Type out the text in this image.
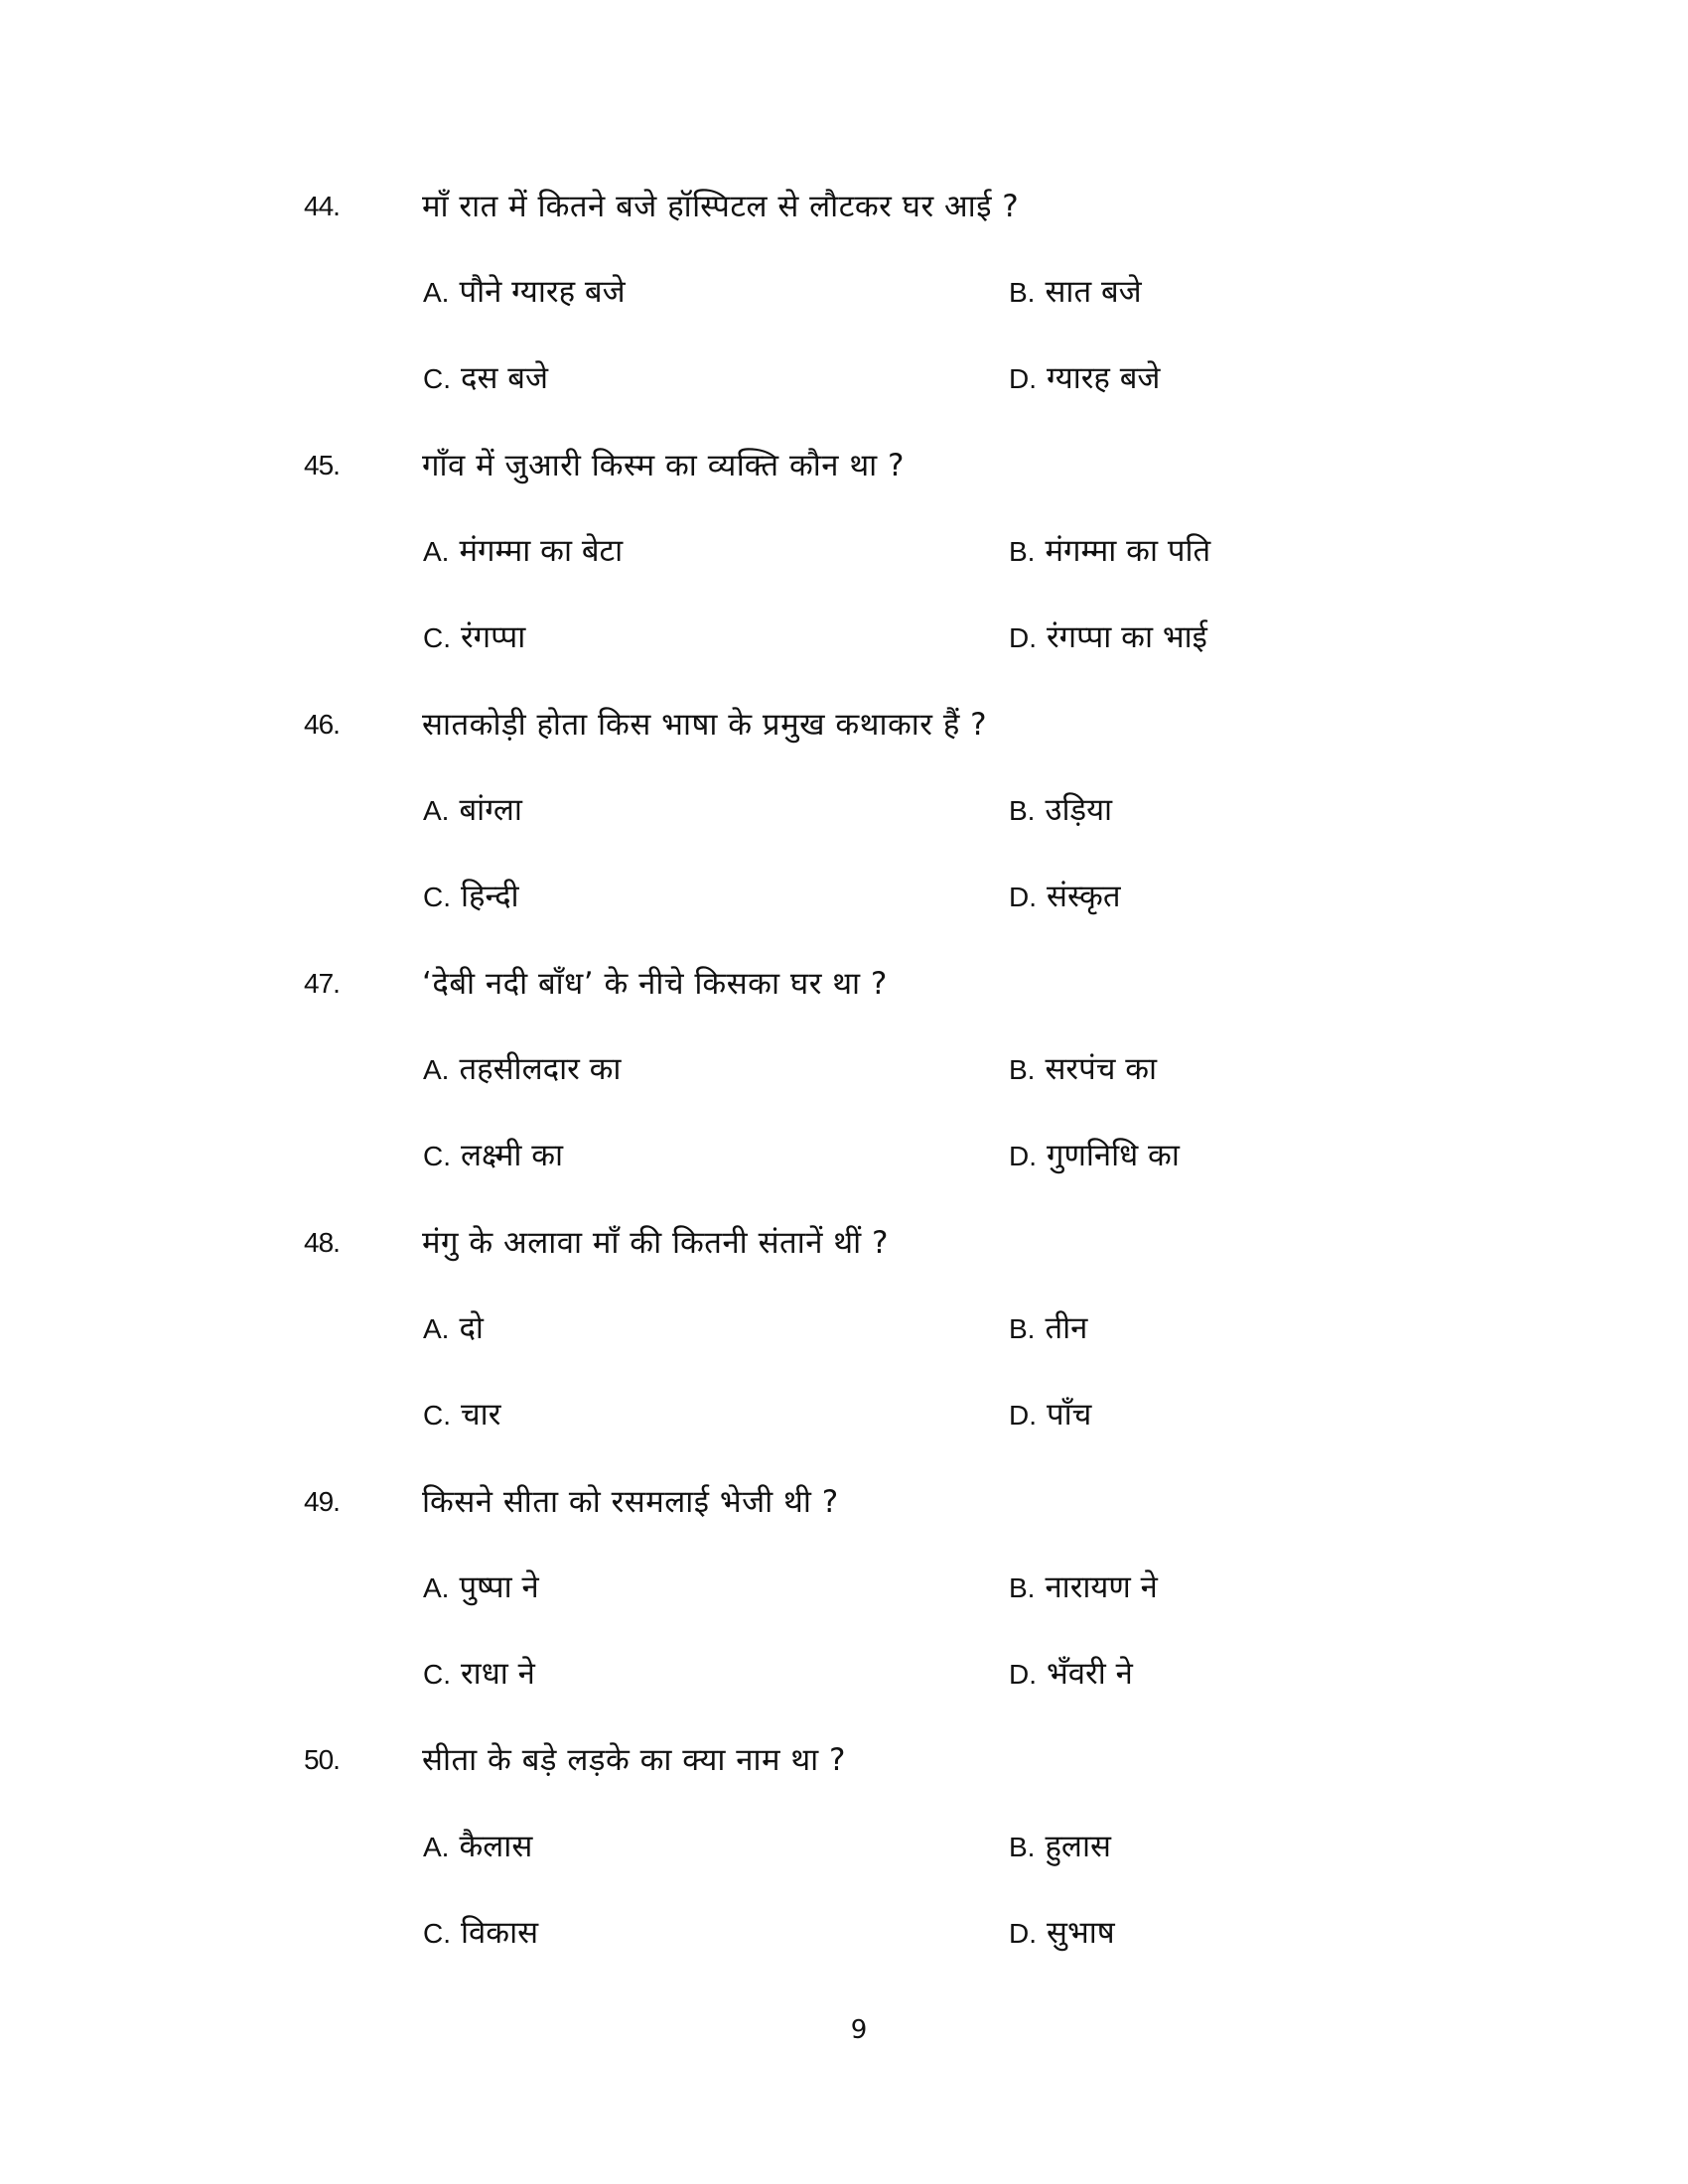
44.	माँ रात में कितने बजे हॉस्पिटल से लौटकर घर आई ?
A. पौने ग्यारह बजे	B. सात बजे
C. दस बजे	D. ग्यारह बजे
45.	गाँव में जुआरी किस्म का व्यक्ति कौन था ?
A. मंगम्मा का बेटा	B. मंगम्मा का पति
C. रंगप्पा	D. रंगप्पा का भाई
46.	सातकोड़ी होता किस भाषा के प्रमुख कथाकार हैं ?
A. बांग्ला	B. उड़िया
C. हिन्दी	D. संस्कृत
47.	‘देबी नदी बाँध’ के नीचे किसका घर था ?
A. तहसीलदार का	B. सरपंच का
C. लक्ष्मी का	D. गुणनिधि का
48.	मंगु के अलावा माँ की कितनी संतानें थीं ?
A. दो	B. तीन
C. चार	D. पाँच
49.	किसने सीता को रसमलाई भेजी थी ?
A. पुष्पा ने	B. नारायण ने
C. राधा ने	D. भँवरी ने
50.	सीता के बड़े लड़के का क्या नाम था ?
A. कैलास	B. हुलास
C. विकास	D. सुभाष
9
